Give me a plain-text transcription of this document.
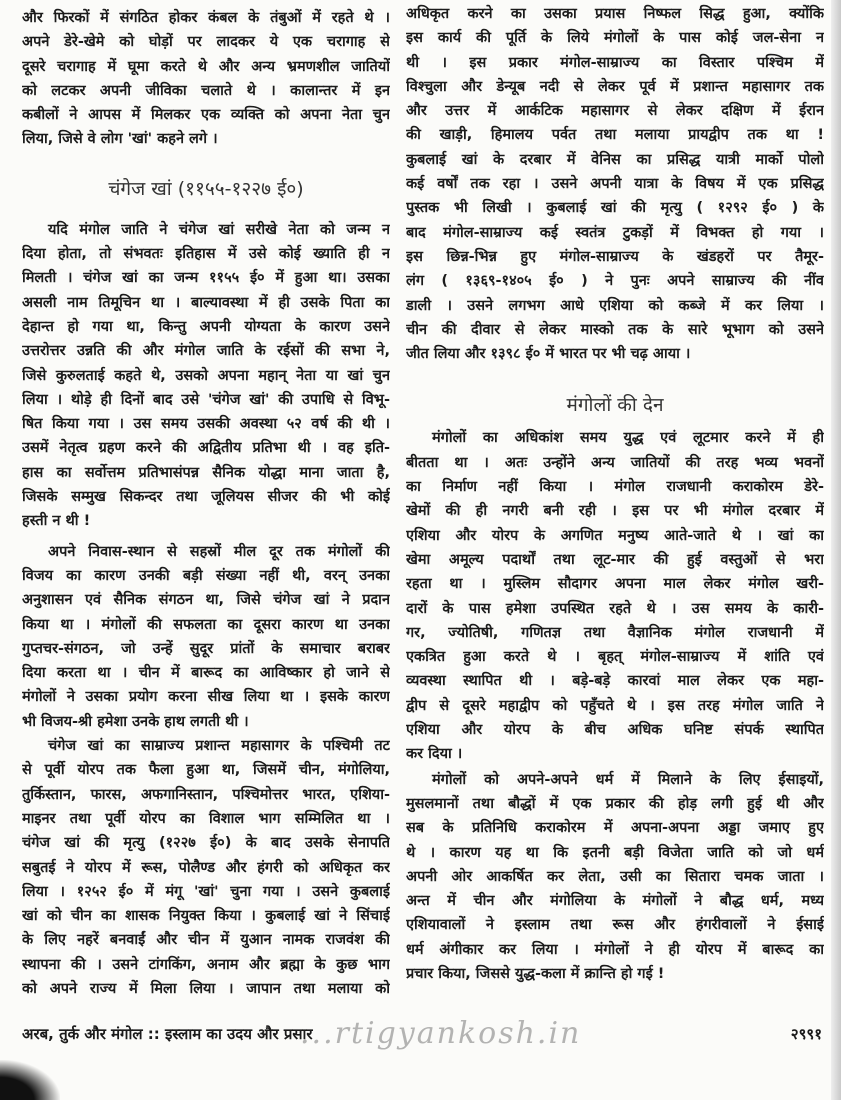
और फिरकों में संगठित होकर कंबल के तंबुओं में रहते थे ।
अपने डेरे-खेमे को घोड़ों पर लादकर ये एक चरागाह से
दूसरे चरागाह में घूमा करते थे और अन्य भ्रमणशील जातियों
को लटकर अपनी जीविका चलाते थे । कालान्तर में इन
कबीलों ने आपस में मिलकर एक व्यक्ति को अपना नेता चुन
लिया, जिसे वे लोग 'खां' कहने लगे ।
चंगेज खां (११५५-१२२७ ई०)
यदि मंगोल जाति ने चंगेज खां सरीखे नेता को जन्म न
दिया होता, तो संभवतः इतिहास में उसे कोई ख्याति ही न
मिलती । चंगेज खां का जन्म ११५५ ई० में हुआ था। उसका
असली नाम तिमूचिन था । बाल्यावस्था में ही उसके पिता का
देहान्त हो गया था, किन्तु अपनी योग्यता के कारण उसने
उत्तरोत्तर उन्नति की और मंगोल जाति के रईसों की सभा ने,
जिसे कुरुलताई कहते थे, उसको अपना महान् नेता या खां चुन
लिया । थोड़े ही दिनों बाद उसे 'चंगेज खां' की उपाधि से विभू-
षित किया गया । उस समय उसकी अवस्था ५२ वर्ष की थी ।
उसमें नेतृत्व ग्रहण करने की अद्वितीय प्रतिभा थी । वह इति-
हास का सर्वोत्तम प्रतिभासंपन्न सैनिक योद्धा माना जाता है,
जिसके सम्मुख सिकन्दर तथा जूलियस सीजर की भी कोई
हस्ती न थी !
अपने निवास-स्थान से सहस्रों मील दूर तक मंगोलों की
विजय का कारण उनकी बड़ी संख्या नहीं थी, वरन् उनका
अनुशासन एवं सैनिक संगठन था, जिसे चंगेज खां ने प्रदान
किया था । मंगोलों की सफलता का दूसरा कारण था उनका
गुप्तचर-संगठन, जो उन्हें सुदूर प्रांतों के समाचार बराबर
दिया करता था । चीन में बारूद का आविष्कार हो जाने से
मंगोलों ने उसका प्रयोग करना सीख लिया था । इसके कारण
भी विजय-श्री हमेशा उनके हाथ लगती थी ।
चंगेज खां का साम्राज्य प्रशान्त महासागर के पश्चिमी तट
से पूर्वी योरप तक फैला हुआ था, जिसमें चीन, मंगोलिया,
तुर्किस्तान, फारस, अफगानिस्तान, पश्चिमोत्तर भारत, एशिया-
माइनर तथा पूर्वी योरप का विशाल भाग सम्मिलित था ।
चंगेज खां की मृत्यु (१२२७ ई०) के बाद उसके सेनापति
सबुतई ने योरप में रूस, पोलैण्ड और हंगरी को अधिकृत कर
लिया । १२५२ ई० में मंगू 'खां' चुना गया । उसने कुबलाई
खां को चीन का शासक नियुक्त किया । कुबलाई खां ने सिंचाई
के लिए नहरें बनवाईं और चीन में युआन नामक राजवंश की
स्थापना की । उसने टांगकिंग, अनाम और ब्रह्मा के कुछ भाग
को अपने राज्य में मिला लिया । जापान तथा मलाया को
अधिकृत करने का उसका प्रयास निष्फल सिद्ध हुआ, क्योंकि
इस कार्य की पूर्ति के लिये मंगोलों के पास कोई जल-सेना न
थी । इस प्रकार मंगोल-साम्राज्य का विस्तार पश्चिम में
विश्चुला और डेन्यूब नदी से लेकर पूर्व में प्रशान्त महासागर तक
और उत्तर में आर्कटिक महासागर से लेकर दक्षिण में ईरान
की खाड़ी, हिमालय पर्वत तथा मलाया प्रायद्वीप तक था !
कुबलाई खां के दरबार में वेनिस का प्रसिद्ध यात्री मार्को पोलो
कई वर्षों तक रहा । उसने अपनी यात्रा के विषय में एक प्रसिद्ध
पुस्तक भी लिखी । कुबलाई खां की मृत्यु ( १२९२ ई० ) के
बाद मंगोल-साम्राज्य कई स्वतंत्र टुकड़ों में विभक्त हो गया ।
इस छिन्न-भिन्न हुए मंगोल-साम्राज्य के खंडहरों पर तैमूर-
लंग ( १३६९-१४०५ ई० ) ने पुनः अपने साम्राज्य की नींव
डाली । उसने लगभग आधे एशिया को कब्जे में कर लिया ।
चीन की दीवार से लेकर मास्को तक के सारे भूभाग को उसने
जीत लिया और १३९८ ई० में भारत पर भी चढ़ आया ।
मंगोलों की देन
मंगोलों का अधिकांश समय युद्ध एवं लूटमार करने में ही
बीतता था । अतः उन्होंने अन्य जातियों की तरह भव्य भवनों
का निर्माण नहीं किया । मंगोल राजधानी कराकोरम डेरे-
खेमों की ही नगरी बनी रही । इस पर भी मंगोल दरबार में
एशिया और योरप के अगणित मनुष्य आते-जाते थे । खां का
खेमा अमूल्य पदार्थों तथा लूट-मार की हुई वस्तुओं से भरा
रहता था । मुस्लिम सौदागर अपना माल लेकर मंगोल खरी-
दारों के पास हमेशा उपस्थित रहते थे । उस समय के कारी-
गर, ज्योतिषी, गणितज्ञ तथा वैज्ञानिक मंगोल राजधानी में
एकत्रित हुआ करते थे । बृहत् मंगोल-साम्राज्य में शांति एवं
व्यवस्था स्थापित थी । बड़े-बड़े कारवां माल लेकर एक महा-
द्वीप से दूसरे महाद्वीप को पहुँचते थे । इस तरह मंगोल जाति ने
एशिया और योरप के बीच अधिक घनिष्ट संपर्क स्थापित
कर दिया ।
मंगोलों को अपने-अपने धर्म में मिलाने के लिए ईसाइयों,
मुसलमानों तथा बौद्धों में एक प्रकार की होड़ लगी हुई थी और
सब के प्रतिनिधि कराकोरम में अपना-अपना अड्डा जमाए हुए
थे । कारण यह था कि इतनी बड़ी विजेता जाति को जो धर्म
अपनी ओर आकर्षित कर लेता, उसी का सितारा चमक जाता ।
अन्त में चीन और मंगोलिया के मंगोलों ने बौद्ध धर्म, मध्य
एशियावालों ने इस्लाम तथा रूस और हंगरीवालों ने ईसाई
धर्म अंगीकार कर लिया । मंगोलों ने ही योरप में बारूद का
प्रचार किया, जिससे युद्ध-कला में क्रान्ति हो गई !
अरब, तुर्क और मंगोल :: इस्लाम का उदय और प्रसार	२९९१
...rtigyankosh.in
